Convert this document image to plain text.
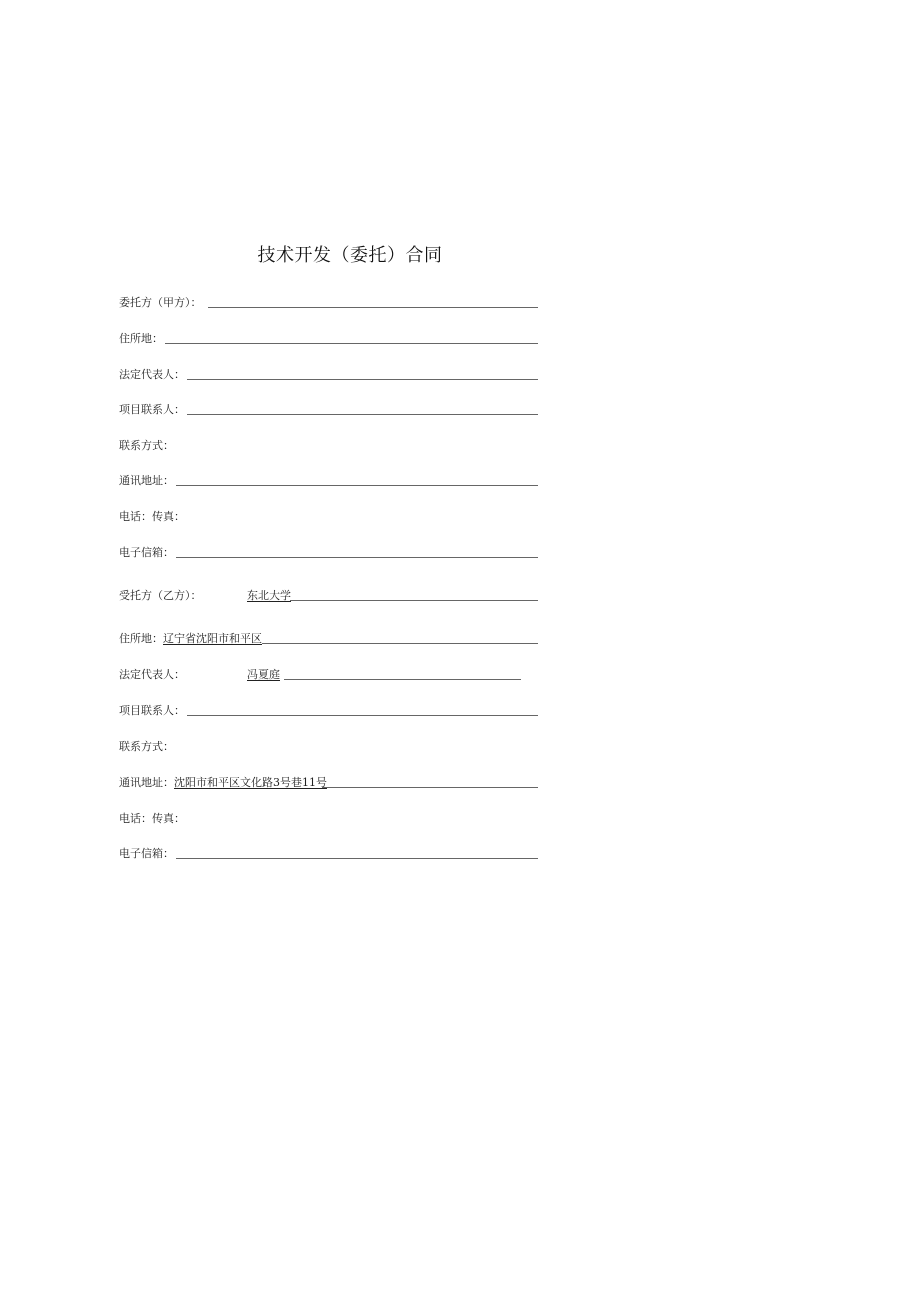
技术开发（委托）合同
委托方（甲方）：
住所地：
法定代表人：
项目联系人：
联系方式：
通讯地址：
电话：传真：
电子信箱：
受托方（乙方）：	东北大学
住所地： 辽宁省沈阳市和平区
法定代表人：	冯夏庭
项目联系人：
联系方式：
通讯地址： 沈阳市和平区文化路3号巷11号
电话：传真：
电子信箱：
